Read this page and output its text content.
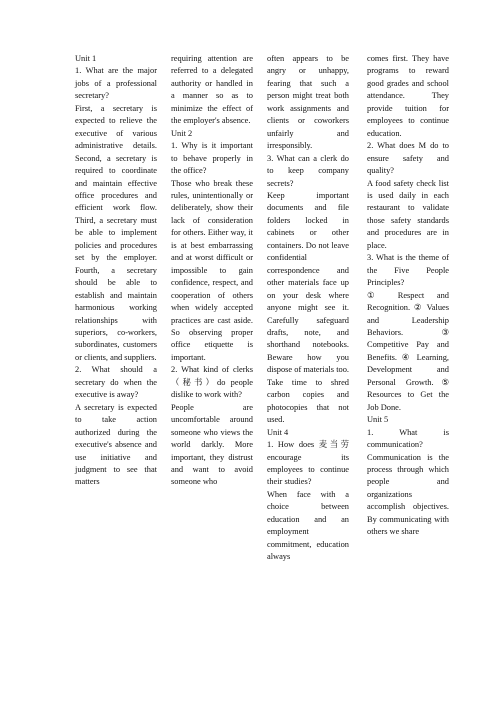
Unit 1

1. What are the major jobs of a professional secretary?

First, a secretary is expected to relieve the executive of various administrative details. Second, a secretary is required to coordinate and maintain effective office procedures and efficient work flow. Third, a secretary must be able to implement policies and procedures set by the employer. Fourth, a secretary should be able to establish and maintain harmonious working relationships with superiors, co-workers, subordinates, customers or clients, and suppliers.

2. What should a secretary do when the executive is away?

A secretary is expected to take action authorized during the executive's absence and use initiative and judgment to see that matters

requiring attention are referred to a delegated authority or handled in a manner so as to minimize the effect of the employer's absence.

Unit 2

1. Why is it important to behave properly in the office?

Those who break these rules, unintentionally or deliberately, show their lack of consideration for others. Either way, it is at best embarrassing and at worst difficult or impossible to gain confidence, respect, and cooperation of others when widely accepted practices are cast aside. So observing proper office etiquette is important.

2. What kind of clerks（秘书）do people dislike to work with?

People are uncomfortable around someone who views the world darkly. More important, they distrust and want to avoid someone who

often appears to be angry or unhappy, fearing that such a person might treat both work assignments and clients or coworkers unfairly and irresponsibly.

3. What can a clerk do to keep company secrets?

Keep important documents and file folders locked in cabinets or other containers. Do not leave confidential correspondence and other materials face up on your desk where anyone might see it. Carefully safeguard drafts, note, and shorthand notebooks. Beware how you dispose of materials too. Take time to shred carbon copies and photocopies that not used.

Unit 4

1. How does 麦当劳 encourage its employees to continue their studies?

When face with a choice between education and an employment commitment, education always

comes first. They have programs to reward good grades and school attendance. They provide tuition for employees to continue education.

2. What does M do to ensure safety and quality?

A food safety check list is used daily in each restaurant to validate those safety standards and procedures are in place.

3. What is the theme of the Five People Principles?

① Respect and Recognition. ② Values and Leadership Behaviors. ③ Competitive Pay and Benefits. ④ Learning, Development and Personal Growth.⑤ Resources to Get the Job Done.

Unit 5

1. What is communication?

Communication is the process through which people and organizations accomplish objectives. By communicating with others we share
